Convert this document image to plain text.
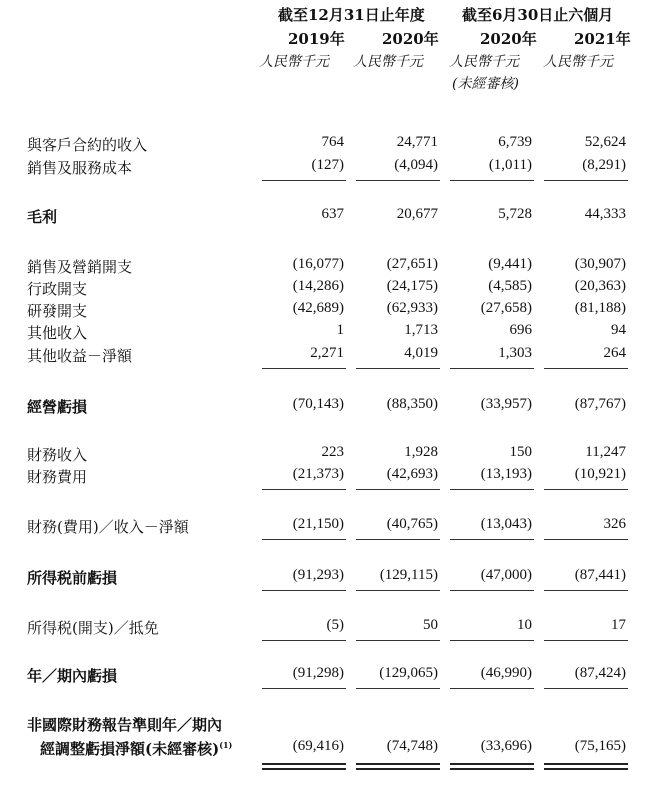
截至12月31日止年度 截至6月30日止六個月
2019年 2020年	2020年 2021年
人民幣千元 人民幣千元 人民幣千元 人民幣千元
(未經審核)
與客戶合約的收入	764	24,771	6,739	52,624
銷售及服務成本	(127)	(4,094)	(1,011)	(8,291)
毛利	637	20,677	5,728	44,333
銷售及營銷開支	(16,077)	(27,651)	(9,441)	(30,907)
行政開支	(14,286)	(24,175)	(4,585)	(20,363)
研發開支	(42,689)	(62,933)	(27,658)	(81,188)
其他收入	1	1,713	696	94
其他收益－淨額	2,271	4,019	1,303	264
經營虧損	(70,143)	(88,350)	(33,957)	(87,767)
財務收入	223	1,928	150	11,247
財務費用	(21,373)	(42,693)	(13,193)	(10,921)
財務(費用)／收入－淨額	(21,150)	(40,765)	(13,043)	326
所得税前虧損	(91,293)	(129,115)	(47,000)	(87,441)
所得税(開支)／抵免	(5)	50	10	17
年／期內虧損	(91,298)	(129,065)	(46,990)	(87,424)
非國際財務報告準則年／期內
經調整虧損淨額(未經審核)$^{(1)}$	(69,416)	(74,748)	(33,696)	(75,165)
